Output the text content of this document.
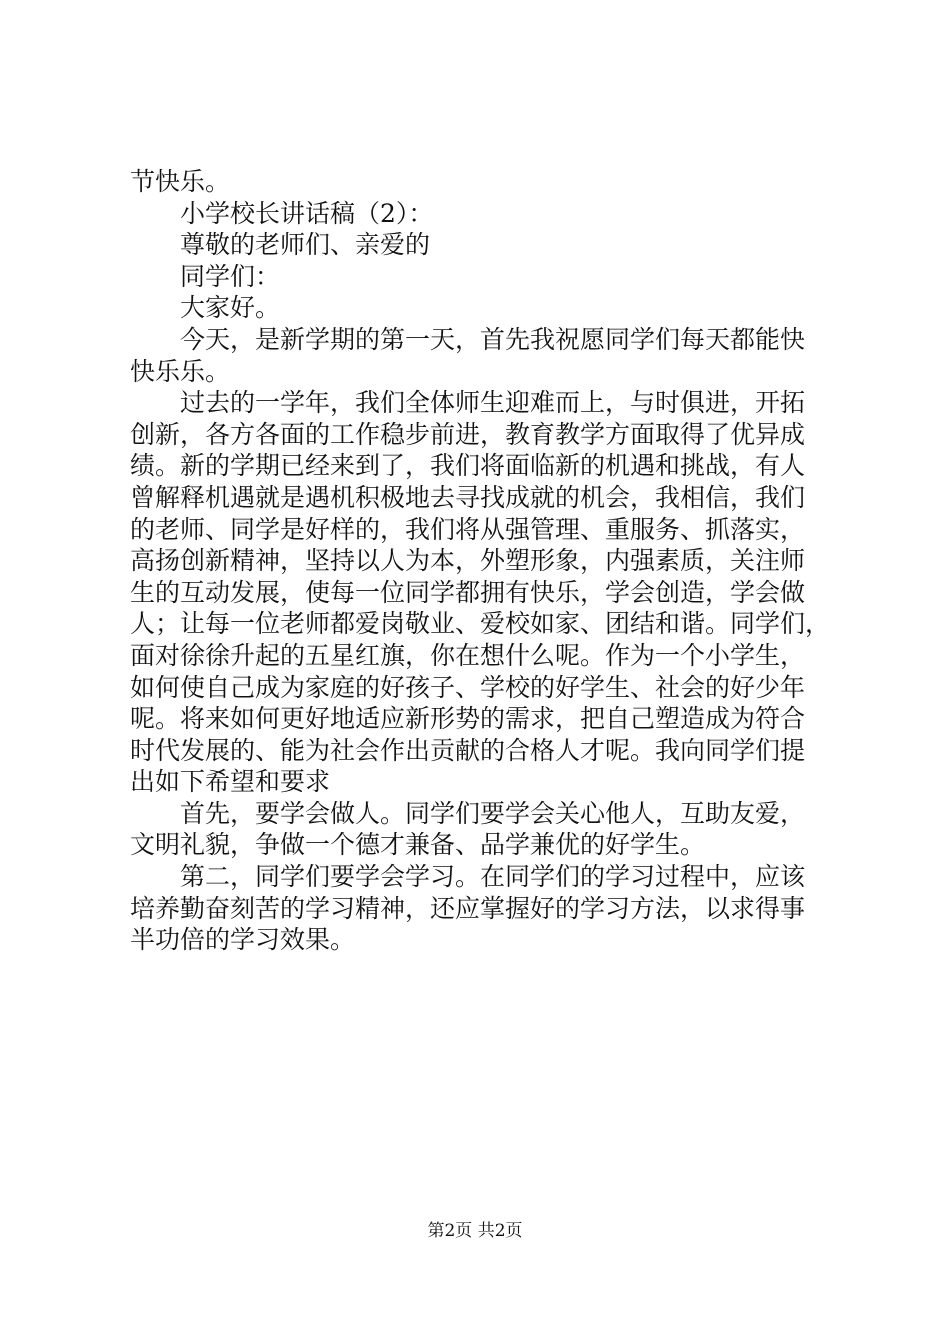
节快乐。
小学校长讲话稿（2）：
尊敬的老师们、亲爱的
同学们：
大家好。
今天，是新学期的第一天，首先我祝愿同学们每天都能快
快乐乐。
过去的一学年，我们全体师生迎难而上，与时俱进，开拓
创新，各方各面的工作稳步前进，教育教学方面取得了优异成
绩。新的学期已经来到了，我们将面临新的机遇和挑战，有人
曾解释机遇就是遇机积极地去寻找成就的机会，我相信，我们
的老师、同学是好样的，我们将从强管理、重服务、抓落实，
高扬创新精神，坚持以人为本，外塑形象，内强素质，关注师
生的互动发展，使每一位同学都拥有快乐，学会创造，学会做
人；让每一位老师都爱岗敬业、爱校如家、团结和谐。同学们，
面对徐徐升起的五星红旗，你在想什么呢。作为一个小学生，
如何使自己成为家庭的好孩子、学校的好学生、社会的好少年
呢。将来如何更好地适应新形势的需求，把自己塑造成为符合
时代发展的、能为社会作出贡献的合格人才呢。我向同学们提
出如下希望和要求
首先，要学会做人。同学们要学会关心他人，互助友爱，
文明礼貌，争做一个德才兼备、品学兼优的好学生。
第二，同学们要学会学习。在同学们的学习过程中，应该
培养勤奋刻苦的学习精神，还应掌握好的学习方法，以求得事
半功倍的学习效果。
第2页 共2页
